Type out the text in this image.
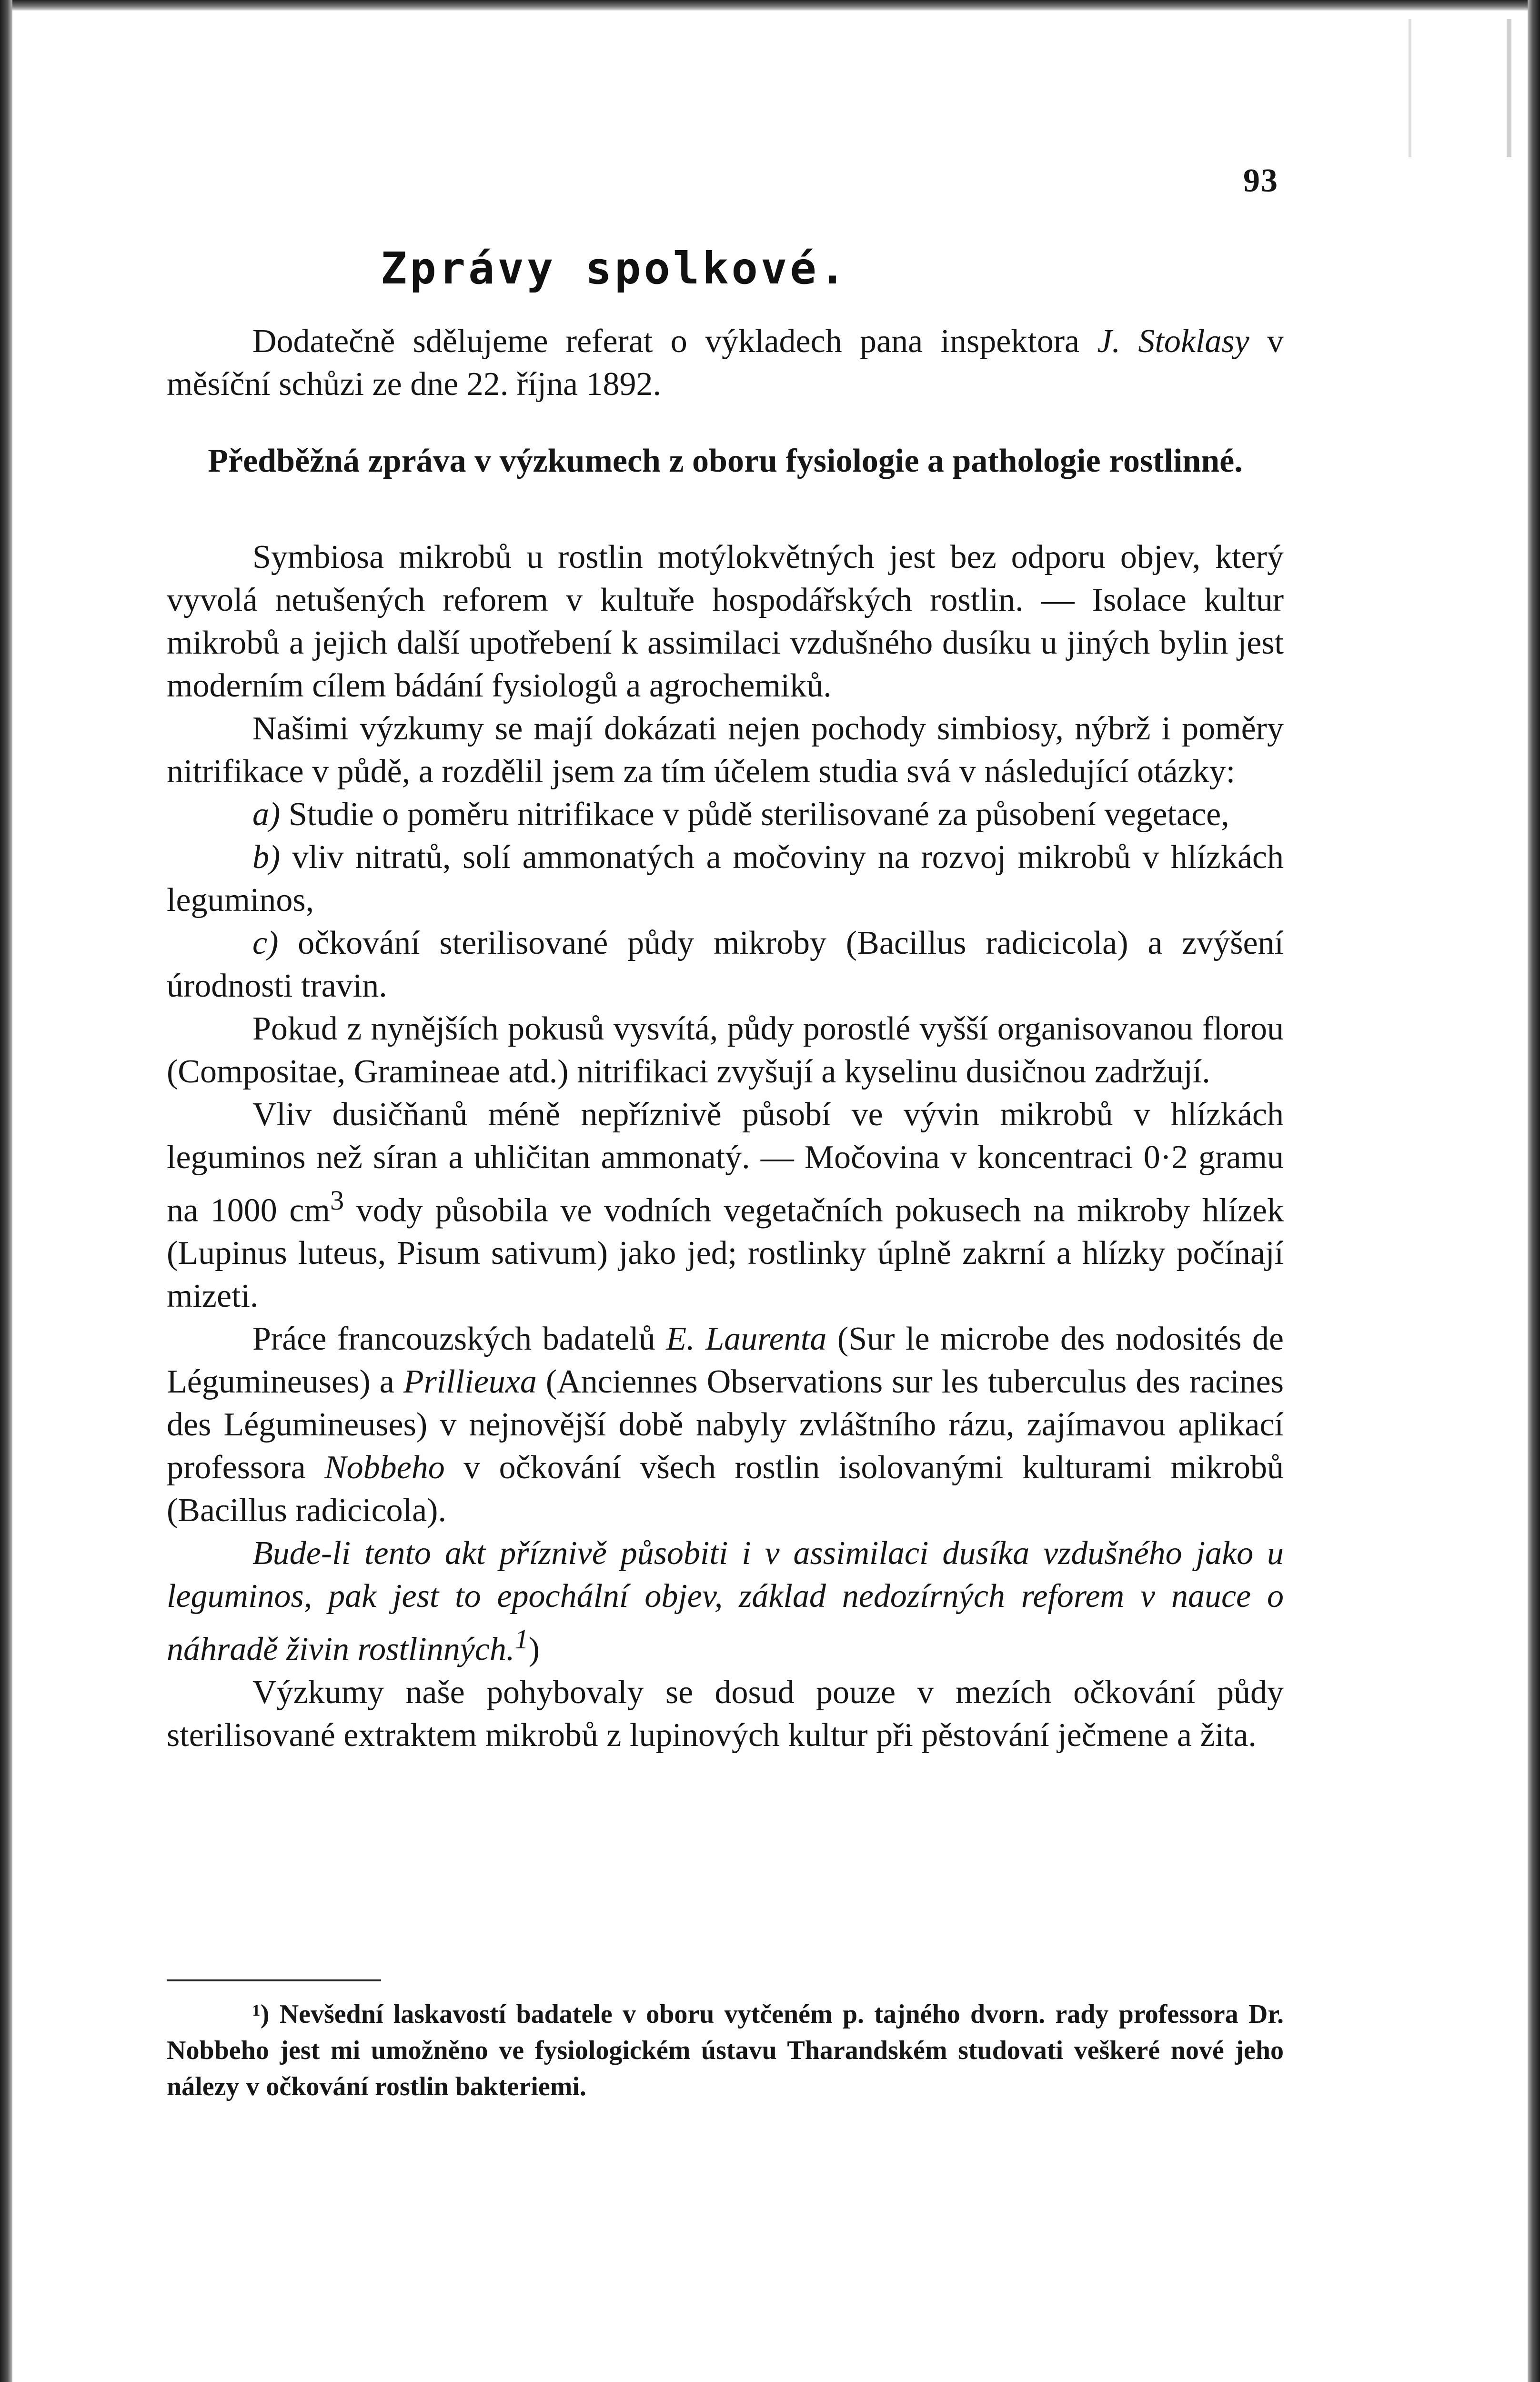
93
Zprávy spolkové.
Dodatečně sdělujeme referat o výkladech pana inspektora J. Stoklasy v měsíční schůzi ze dne 22. října 1892.
Předběžná zpráva v výzkumech z oboru fysiologie a pathologie rostlinné.

Symbiosa mikrobů u rostlin motýlokvětných jest bez odporu objev, který vyvolá netušených reforem v kultuře hospodářských rostlin. — Isolace kultur mikrobů a jejich další upotřebení k assimilaci vzdušného dusíku u jiných bylin jest moderním cílem bádání fysiologů a agrochemiků.

Našimi výzkumy se mají dokázati nejen pochody simbiosy, nýbrž i poměry nitrifikace v půdě, a rozdělil jsem za tím účelem studia svá v následující otázky:

a) Studie o poměru nitrifikace v půdě sterilisované za působení vegetace,

b) vliv nitratů, solí ammonatých a močoviny na rozvoj mikrobů v hlízkách leguminos,

c) očkování sterilisované půdy mikroby (Bacillus radicicola) a zvýšení úrodnosti travin.

Pokud z nynějších pokusů vysvítá, půdy porostlé vyšší organisovanou florou (Compositae, Gramineae atd.) nitrifikaci zvyšují a kyselinu dusičnou zadržují.

Vliv dusičňanů méně nepříznivě působí ve vývin mikrobů v hlízkách leguminos než síran a uhličitan ammonatý. — Močovina v koncentraci 0·2 gramu na 1000 $cm^3$ vody působila ve vodních vegetačních pokusech na mikroby hlízek (Lupinus luteus, Pisum sativum) jako jed; rostlinky úplně zakrní a hlízky počínají mizeti.

Práce francouzských badatelů E. Laurenta (Sur le microbe des nodosités de Légumineuses) a Prillieuxa (Anciennes Observations sur les tuberculus des racines des Légumineuses) v nejnovější době nabyly zvláštního rázu, zajímavou aplikací professora Nobbeho v očkování všech rostlin isolovanými kulturami mikrobů (Bacillus radicicola).

Bude-li tento akt příznivě působiti i v assimilaci dusíka vzdušného jako u leguminos, pak jest to epochální objev, základ nedozírných reforem v nauce o náhradě živin rostlinných.$^1$)

Výzkumy naše pohybovaly se dosud pouze v mezích očkování půdy sterilisované extraktem mikrobů z lupinových kultur při pěstování ječmene a žita.

¹) Nevšední laskavostí badatele v oboru vytčeném p. tajného dvorn. rady professora Dr. Nobbeho jest mi umožněno ve fysiologickém ústavu Tharandském studovati veškeré nové jeho nálezy v očkování rostlin bakteriemi.
